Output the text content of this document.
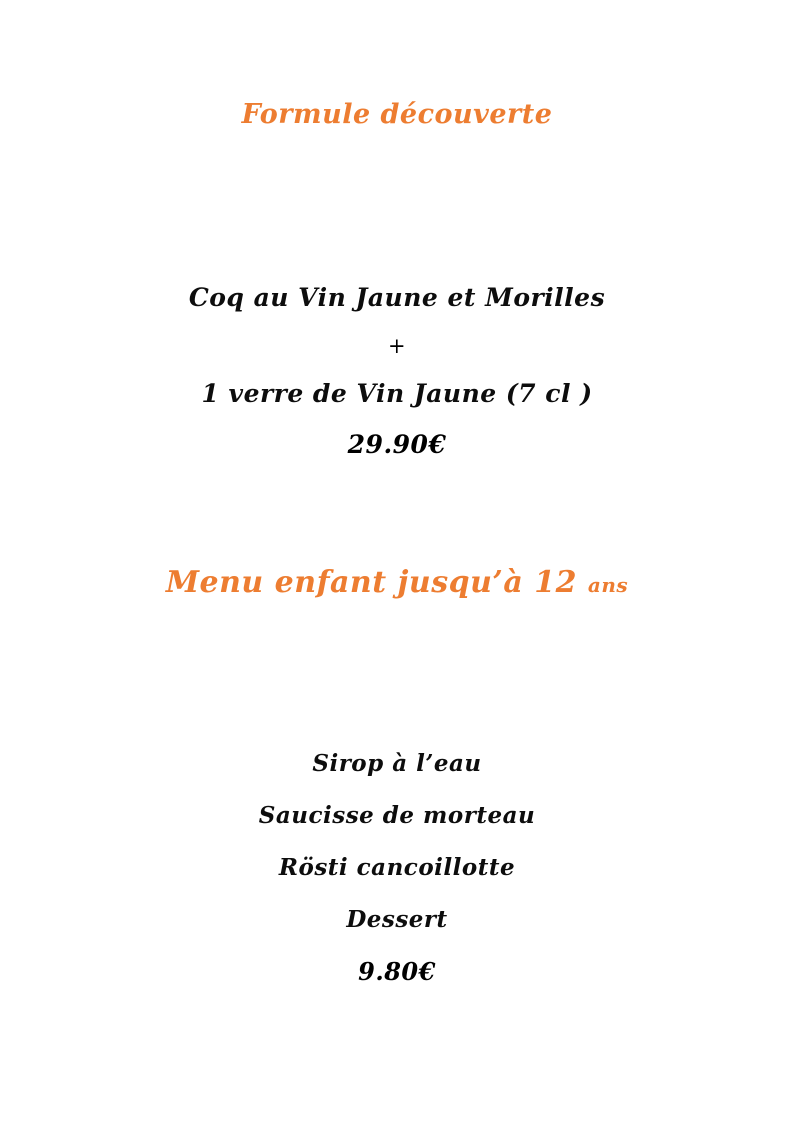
Formule découverte
Coq au Vin Jaune et Morilles
+
1 verre de Vin Jaune (7 cl )
29.90€
Menu enfant jusqu’à 12 ans
Sirop à l’eau
Saucisse de morteau
Rösti cancoillotte
Dessert
9.80€
